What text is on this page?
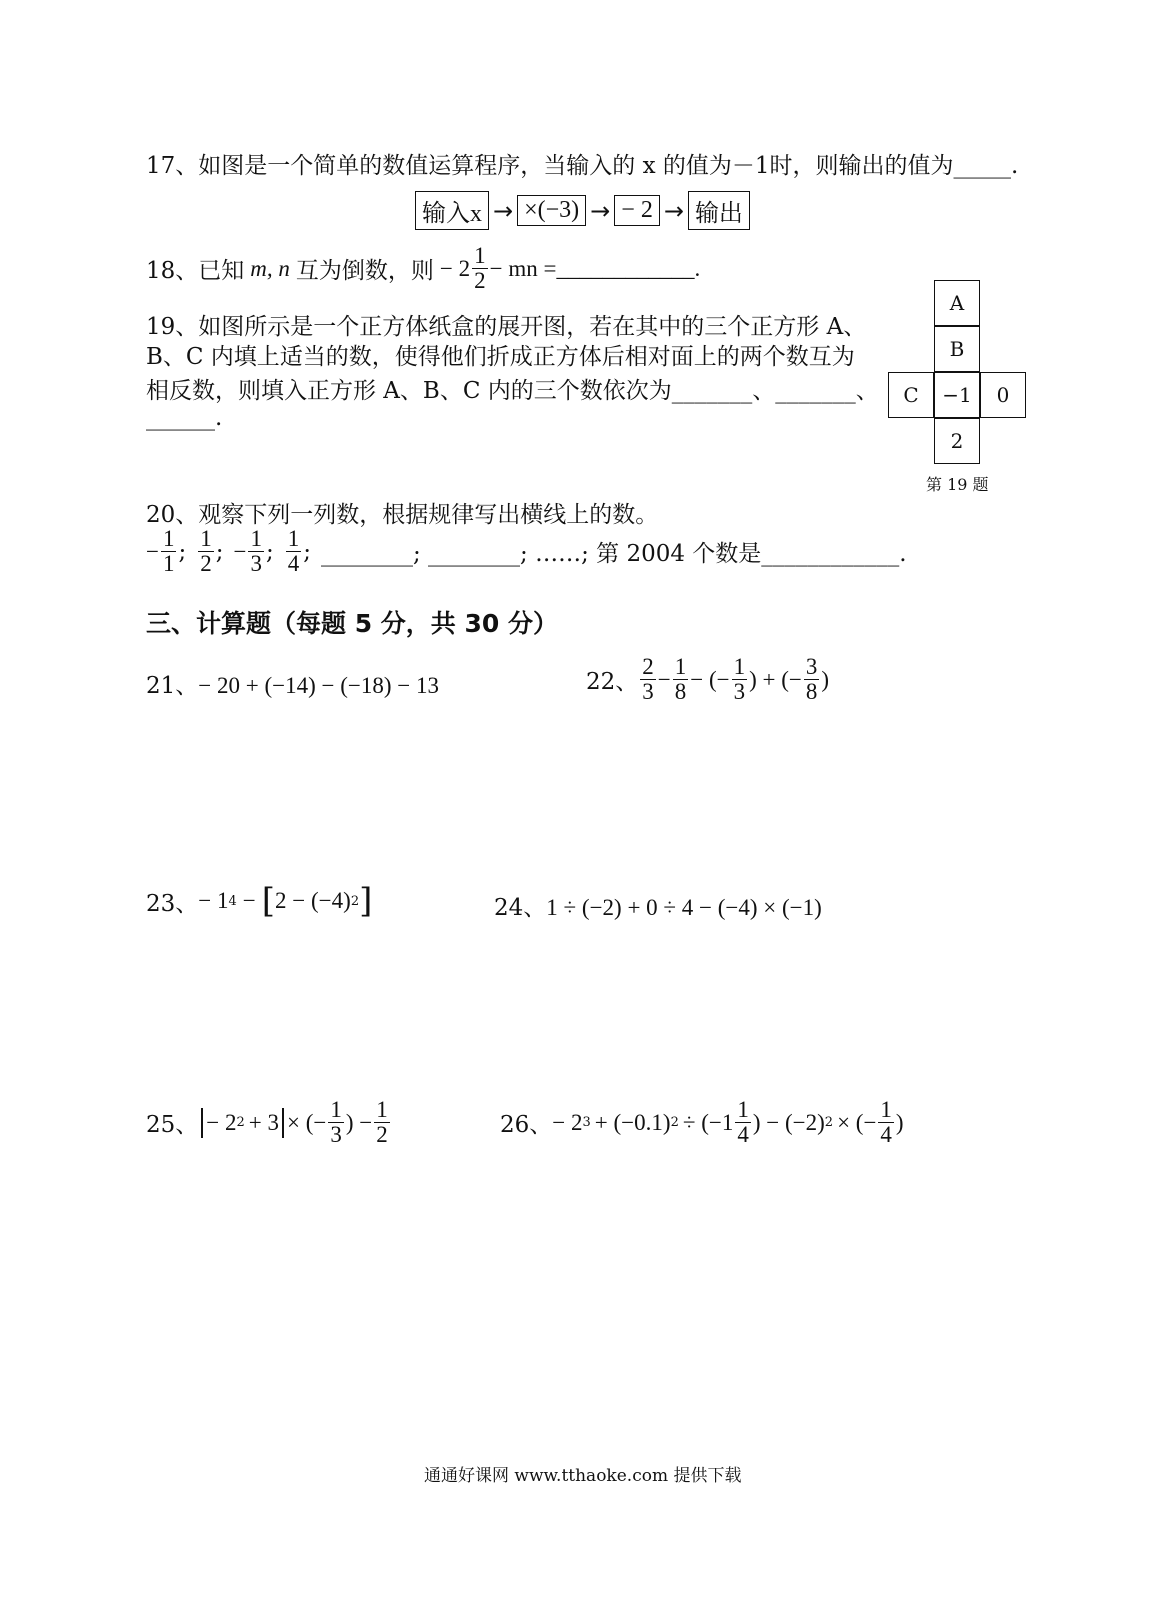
17、如图是一个简单的数值运算程序，当输入的 x 的值为－1时，则输出的值为_____.
输入x → ×(−3) → − 2 → 输出
18、已知 m, n 互为倒数，则 − $2 \frac{1}{2}$ − mn =____________.
19、如图所示是一个正方体纸盒的展开图，若在其中的三个正方形 A、
B、C 内填上适当的数，使得他们折成正方体后相对面上的两个数互为
相反数，则填入正方形 A、B、C 内的三个数依次为_______、_______、
______.
A
B
C	−1	0
2
第 19 题
20、观察下列一列数，根据规律写出横线上的数。
− $\frac{1}{1}$ ; $\frac{1}{2}$ ; − $\frac{1}{3}$ ; $\frac{1}{4}$ ; ________; ________; ……; 第 2004 个数是____________.
三、计算题（每题 5 分，共 30 分）
21、− 20 + (−14) − (−18) − 13	22、 $\frac{2}{3} - \frac{1}{8}$ − (− $\frac{1}{3}$ ) + (− $\frac{3}{8}$ )
23、 − 1 4 − [ 2 − (−4) 2 ]	24、1 ÷ (−2) + 0 ÷ 4 − (−4) × (−1)
25、 − 2 2 + 3 × (− $\frac{1}{3}$ ) − $\frac{1}{2}$	26、 − 2 3 + (−0.1) $2 \div (-1 \frac{1}{4}$ ) − (−2) 2 × (− $\frac{1}{4}$ )
通通好课网 www.tthaoke.com 提供下载
